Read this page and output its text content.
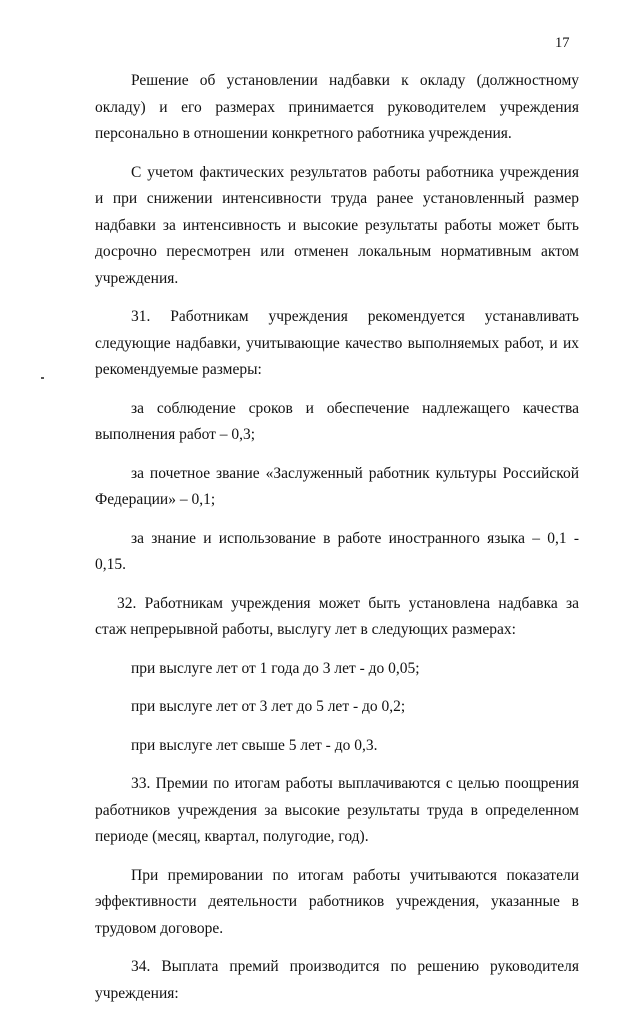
17

Решение об установлении надбавки к окладу (должностному окладу) и его размерах принимается руководителем учреждения персонально в отношении конкретного работника учреждения.

С учетом фактических результатов работы работника учреждения и при снижении интенсивности труда ранее установленный размер надбавки за интенсивность и высокие результаты работы может быть досрочно пересмотрен или отменен локальным нормативным актом учреждения.

31. Работникам учреждения рекомендуется устанавливать следующие надбавки, учитывающие качество выполняемых работ, и их рекомендуемые размеры:

за соблюдение сроков и обеспечение надлежащего качества выполнения работ – 0,3;

за почетное звание «Заслуженный работник культуры Российской Федерации» – 0,1;

за знание и использование в работе иностранного языка – 0,1 - 0,15.

32. Работникам учреждения может быть установлена надбавка за стаж непрерывной работы, выслугу лет в следующих размерах:

при выслуге лет от 1 года до 3 лет - до 0,05;

при выслуге лет от 3 лет до 5 лет - до 0,2;

при выслуге лет свыше 5 лет - до 0,3.

33. Премии по итогам работы выплачиваются с целью поощрения работников учреждения за высокие результаты труда в определенном периоде (месяц, квартал, полугодие, год).

При премировании по итогам работы учитываются показатели эффективности деятельности работников учреждения, указанные в трудовом договоре.

34. Выплата премий производится по решению руководителя учреждения:
